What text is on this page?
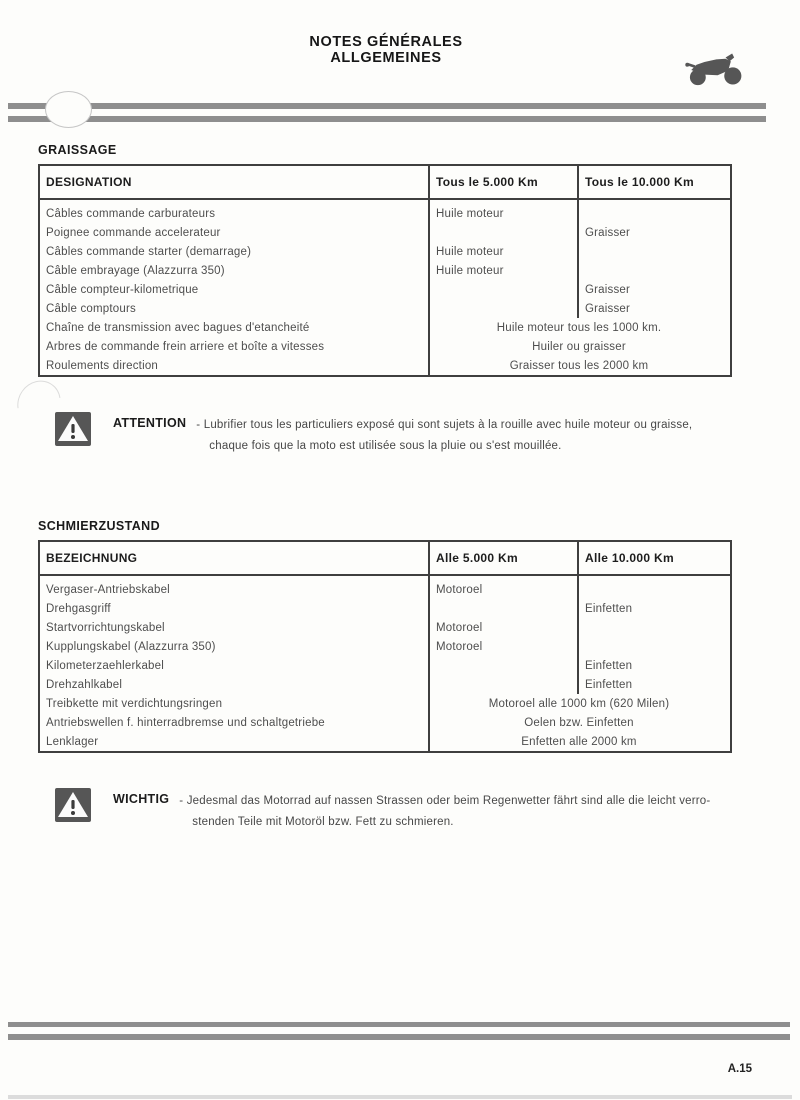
NOTES GÉNÉRALES
ALLGEMEINES
GRAISSAGE
DESIGNATION	Tous le 5.000 Km	Tous le 10.000 Km
Câbles commande carburateurs	Huile moteur	
Poignee commande accelerateur		Graisser
Câbles commande starter (demarrage)	Huile moteur	
Câble embrayage (Alazzurra 350)	Huile moteur	
Câble compteur-kilometrique		Graisser
Câble comptours		Graisser
Chaîne de transmission avec bagues d'etancheité	Huile moteur tous les 1000 km.	
Arbres de commande frein arriere et boîte a vitesses	Huiler ou graisser	
Roulements direction	Graisser tous les 2000 km	
ATTENTION - Lubrifier tous les particuliers exposé qui sont sujets à la rouille avec huile moteur ou graisse, chaque fois que la moto est utilisée sous la pluie ou s'est mouillée.
SCHMIERZUSTAND
BEZEICHNUNG	Alle 5.000 Km	Alle 10.000 Km
Vergaser-Antriebskabel	Motoroel	
Drehgasgriff		Einfetten
Startvorrichtungskabel	Motoroel	
Kupplungskabel (Alazzurra 350)	Motoroel	
Kilometerzaehlerkabel		Einfetten
Drehzahlkabel		Einfetten
Treibkette mit verdichtungsringen	Motoroel alle 1000 km (620 Milen)	
Antriebswellen f. hinterradbremse und schaltgetriebe	Oelen bzw. Einfetten	
Lenklager	Enfetten alle 2000 km	
WICHTIG - Jedesmal das Motorrad auf nassen Strassen oder beim Regenwetter fährt sind alle die leicht verro-stenden Teile mit Motoröl bzw. Fett zu schmieren.
A.15
